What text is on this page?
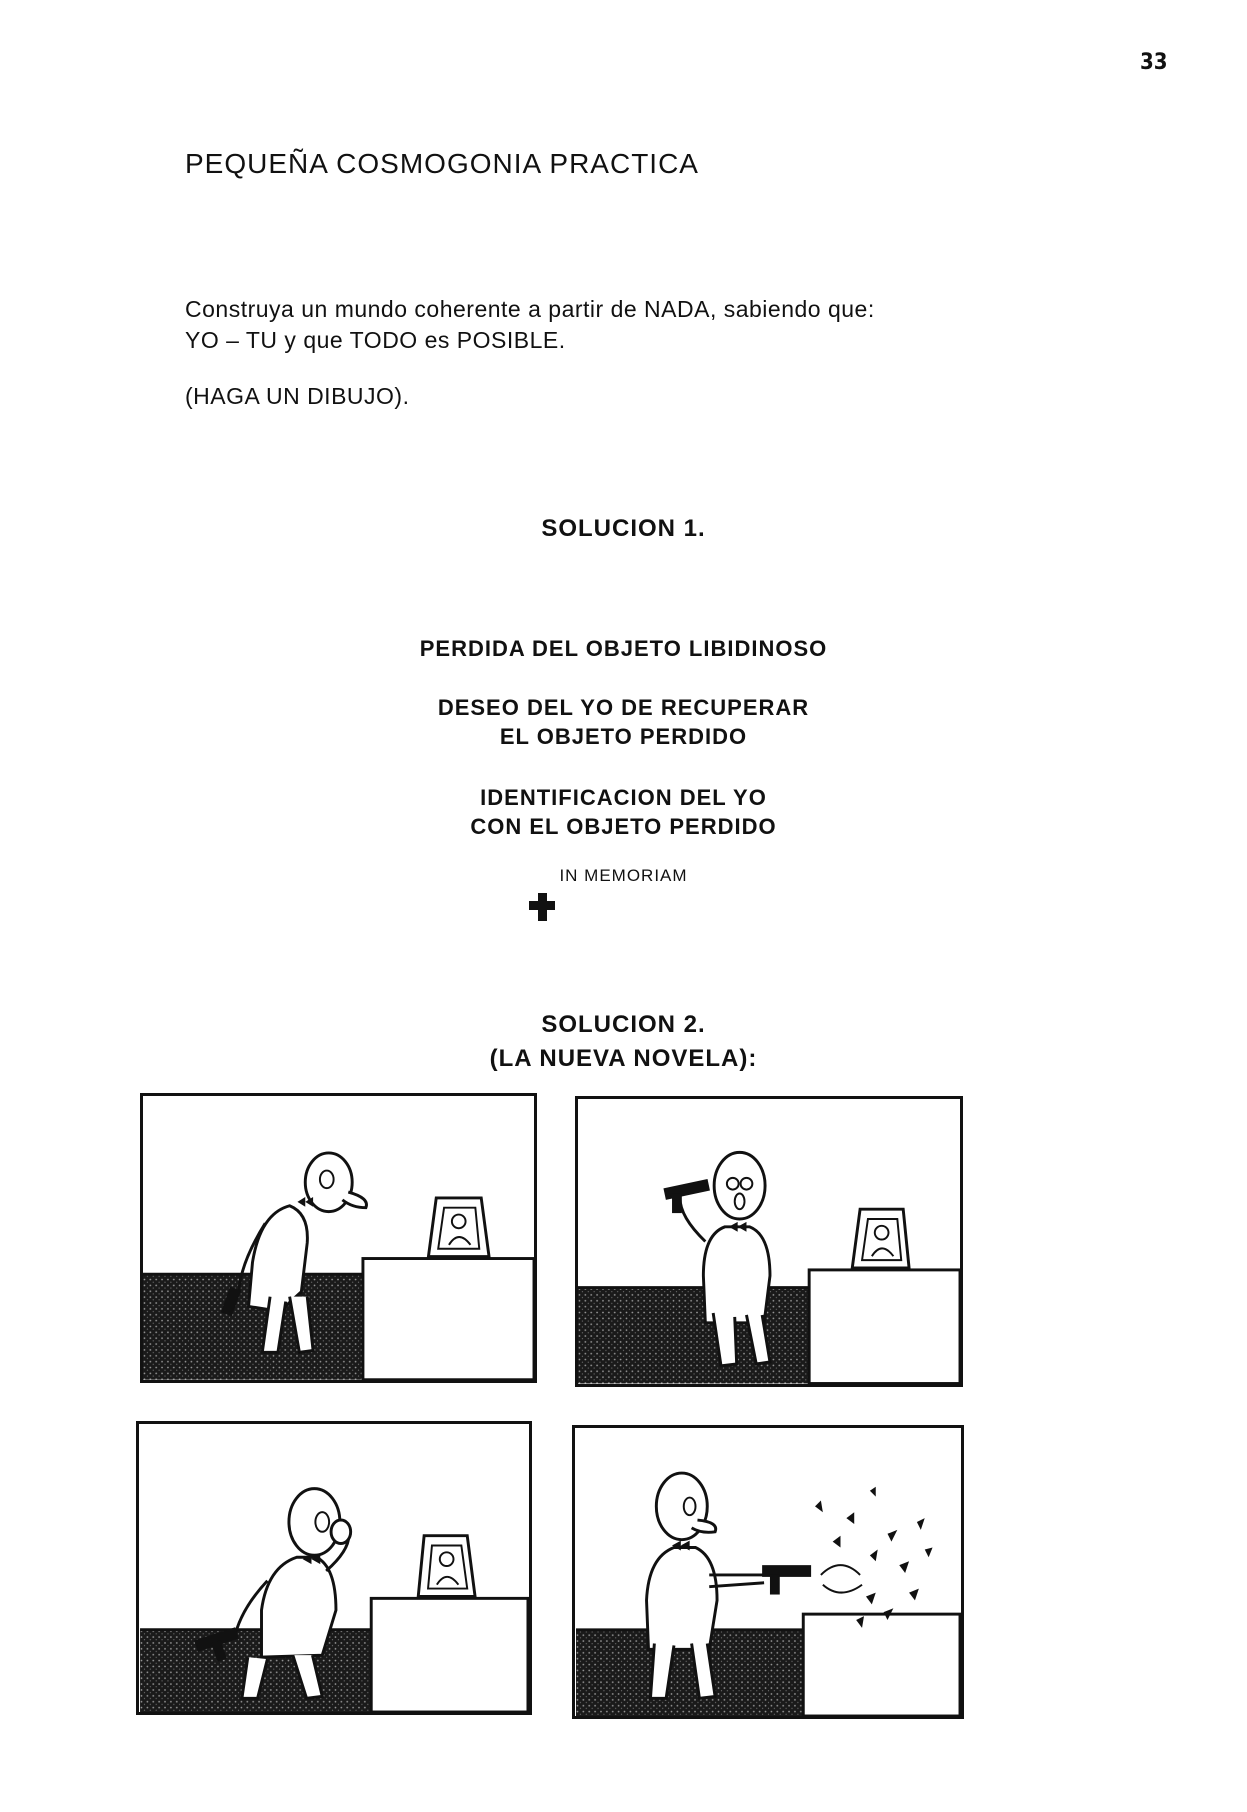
33
PEQUEÑA COSMOGONIA PRACTICA

Construya un mundo coherente a partir de NADA, sabiendo que:

YO – TU y que TODO es POSIBLE.

(HAGA UN DIBUJO).

SOLUCION 1.
PERDIDA DEL OBJETO LIBIDINOSO
DESEO DEL YO DE RECUPERAR
EL OBJETO PERDIDO
IDENTIFICACION DEL YO
CON EL OBJETO PERDIDO
IN MEMORIAM
SOLUCION 2.
(LA NUEVA NOVELA):
